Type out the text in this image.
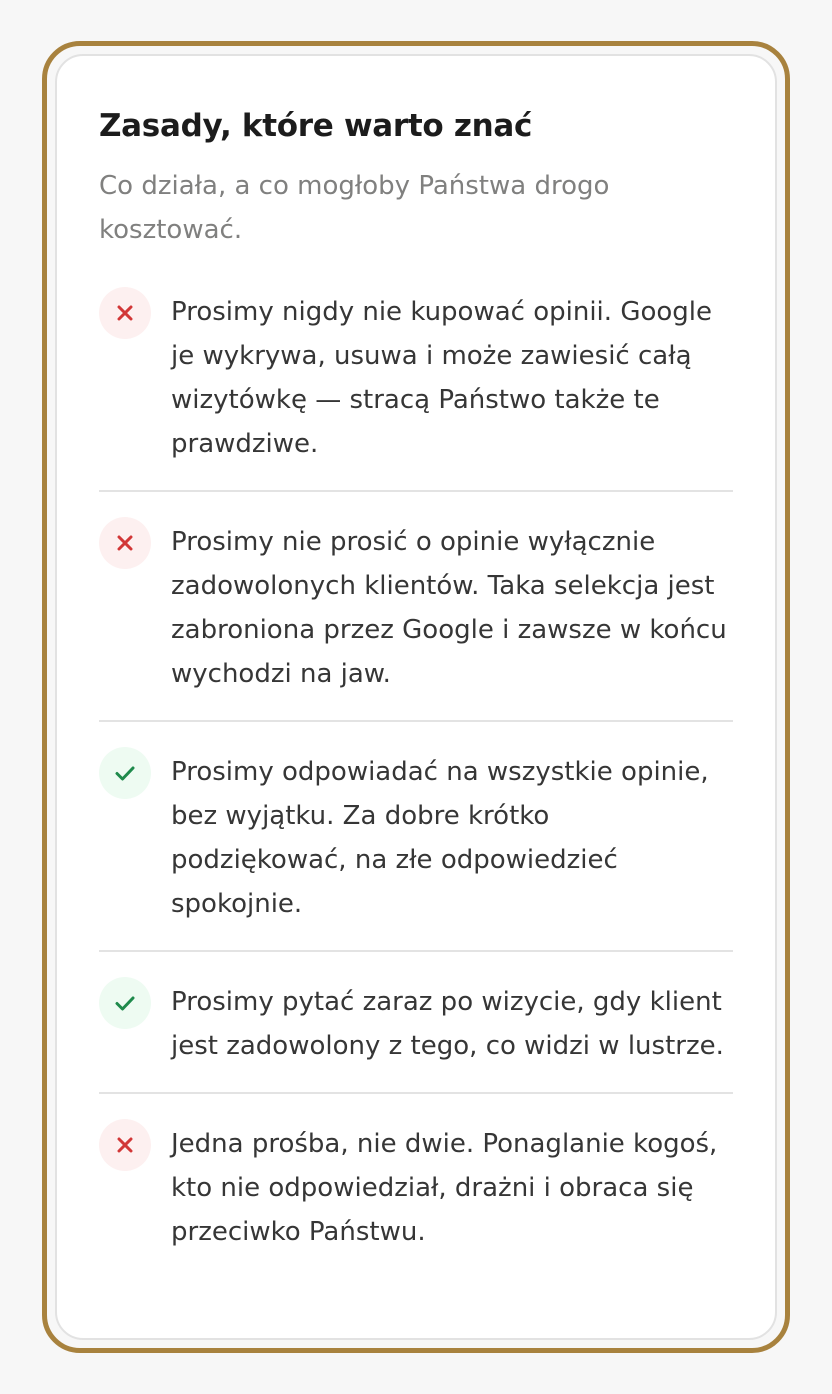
Zasady, które warto znać

Co działa, a co mogłoby Państwa drogo kosztować.

Prosimy nigdy nie kupować opinii. Google je wykrywa, usuwa i może zawiesić całą wizytówkę — stracą Państwo także te prawdziwe.

Prosimy nie prosić o opinie wyłącznie zadowolonych klientów. Taka selekcja jest zabroniona przez Google i zawsze w końcu wychodzi na jaw.

Prosimy odpowiadać na wszystkie opinie, bez wyjątku. Za dobre krótko podziękować, na złe odpowiedzieć spokojnie.

Prosimy pytać zaraz po wizycie, gdy klient jest zadowolony z tego, co widzi w lustrze.

Jedna prośba, nie dwie. Ponaglanie kogoś, kto nie odpowiedział, drażni i obraca się przeciwko Państwu.
